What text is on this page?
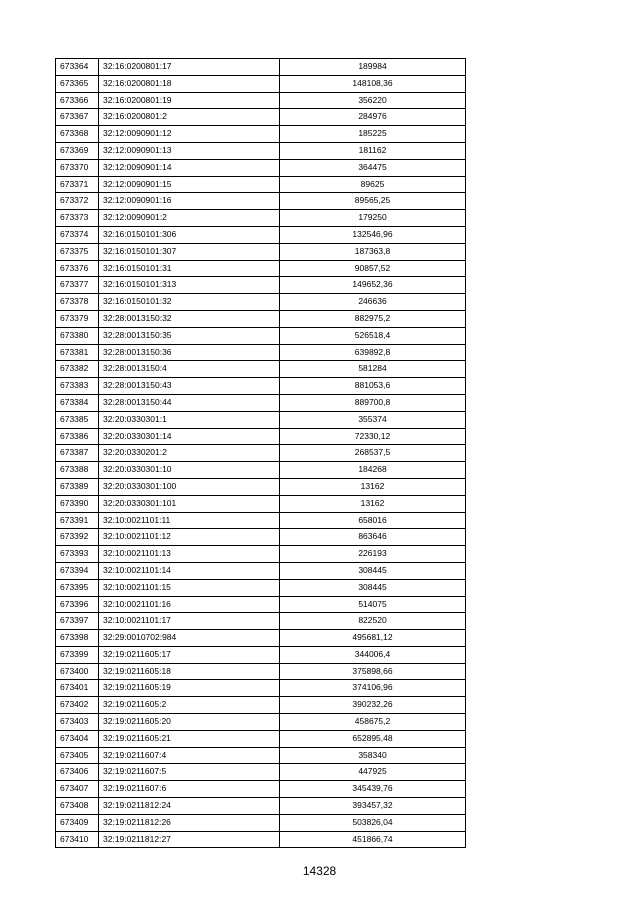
673364	32:16:0200801:17	189984
673365	32:16:0200801:18	148108,36
673366	32:16:0200801:19	356220
673367	32:16:0200801:2	284976
673368	32:12:0090901:12	185225
673369	32:12:0090901:13	181162
673370	32:12:0090901:14	364475
673371	32:12:0090901:15	89625
673372	32:12:0090901:16	89565,25
673373	32:12:0090901:2	179250
673374	32:16:0150101:306	132546,96
673375	32:16:0150101:307	187363,8
673376	32:16:0150101:31	90857,52
673377	32:16:0150101:313	149652,36
673378	32:16:0150101:32	246636
673379	32:28:0013150:32	882975,2
673380	32:28:0013150:35	526518,4
673381	32:28:0013150:36	639892,8
673382	32:28:0013150:4	581284
673383	32:28:0013150:43	881053,6
673384	32:28:0013150:44	889700,8
673385	32:20:0330301:1	355374
673386	32:20:0330301:14	72330,12
673387	32:20:0330201:2	268537,5
673388	32:20:0330301:10	184268
673389	32:20:0330301:100	13162
673390	32:20:0330301:101	13162
673391	32:10:0021101:11	658016
673392	32:10:0021101:12	863646
673393	32:10:0021101:13	226193
673394	32:10:0021101:14	308445
673395	32:10:0021101:15	308445
673396	32:10:0021101:16	514075
673397	32:10:0021101:17	822520
673398	32:29:0010702:984	495681,12
673399	32:19:0211605:17	344006,4
673400	32:19:0211605:18	375898,66
673401	32:19:0211605:19	374106,96
673402	32:19:0211605:2	390232,26
673403	32:19:0211605:20	458675,2
673404	32:19:0211605:21	652895,48
673405	32:19:0211607:4	358340
673406	32:19:0211607:5	447925
673407	32:19:0211607:6	345439,76
673408	32:19:0211812:24	393457,32
673409	32:19:0211812:26	503826,04
673410	32:19:0211812:27	451866,74
14328
